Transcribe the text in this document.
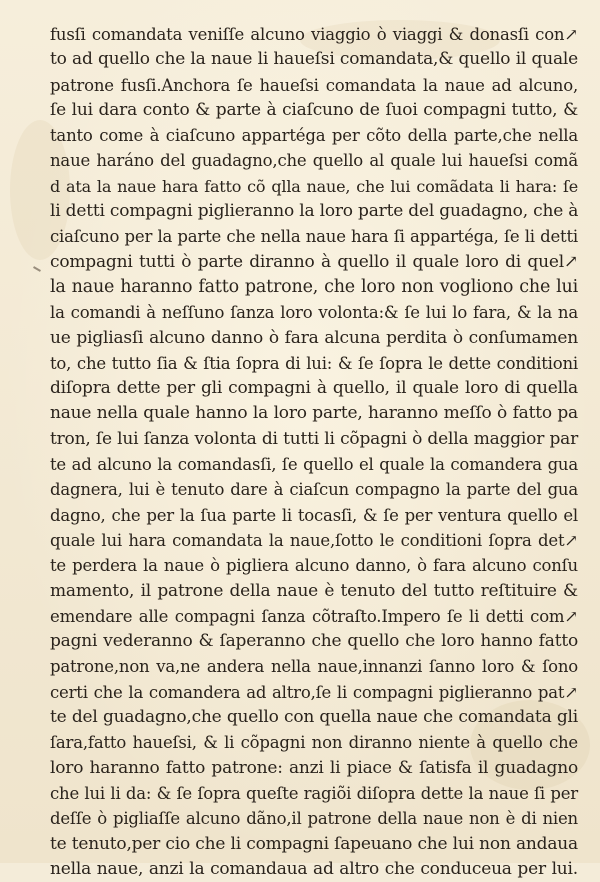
fusſi comandata veniſſe alcuno viaggio ò viaggi & donasſi con↗
to ad quello che la naue li haueſsi comandata,& quello il quale
patrone fusſi.Anchora ſe haueſsi comandata la naue ad alcuno,
ſe lui dara conto & parte à ciaſcuno de ſuoi compagni tutto, &
tanto come à ciaſcuno appartéga per cõto della parte,che nella
naue haráno del guadagno,che quello al quale lui haueſsi comã
d ata la naue hara fatto cõ qlla naue, che lui comãdata li hara: ſe
li detti compagni piglieranno la loro parte del guadagno, che à
ciaſcuno per la parte che nella naue hara ſi appartéga, ſe li detti
compagni tutti ò parte diranno à quello il quale loro di quel↗
la naue haranno fatto patrone, che loro non vogliono che lui
la comandi à neſſuno ſanza loro volonta:& ſe lui lo fara, & la na
ue pigliasſi alcuno danno ò fara alcuna perdita ò conſumamen
to, che tutto ſia & ſtia ſopra di lui: & ſe ſopra le dette conditioni
diſopra dette per gli compagni à quello, il quale loro di quella
naue nella quale hanno la loro parte, haranno meſſo ò fatto pa
tron, ſe lui ſanza volonta di tutti li cõpagni ò della maggior par
te ad alcuno la comandasſi, ſe quello el quale la comandera gua
dagnera, lui è tenuto dare à ciaſcun compagno la parte del gua
dagno, che per la ſua parte li tocasſi, & ſe per ventura quello el
quale lui hara comandata la naue,ſotto le conditioni ſopra det↗
te perdera la naue ò pigliera alcuno danno, ò fara alcuno conſu
mamento, il patrone della naue è tenuto del tutto reſtituire &
emendare alle compagni ſanza cõtraſto.Impero ſe li detti com↗
pagni vederanno & ſaperanno che quello che loro hanno fatto
patrone,non va,ne andera nella naue,innanzi ſanno loro & ſono
certi che la comandera ad altro,ſe li compagni piglieranno pat↗
te del guadagno,che quello con quella naue che comandata gli
ſara,fatto haueſsi, & li cõpagni non diranno niente à quello che
loro haranno fatto patrone: anzi li piace & ſatisfa il guadagno
che lui li da: & ſe ſopra queſte ragiõi diſopra dette la naue ſi per
deſſe ò pigliaſſe alcuno dãno,il patrone della naue non è di nien
te tenuto,per cio che li compagni ſapeuano che lui non andaua
nella naue, anzi la comandaua ad altro che conduceua per lui.
